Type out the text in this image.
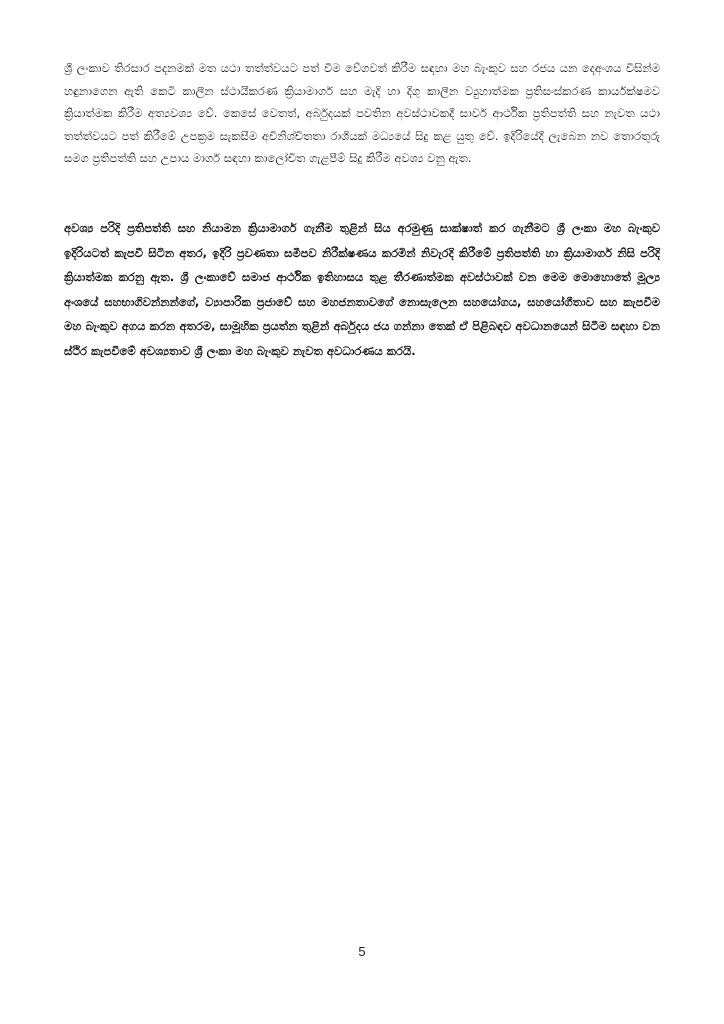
ශ්‍රී ලංකාව තිරසාර පදනමක් මත යථා තත්ත්වයට පත් වීම වේගවත් කිරීම සඳහා මහ බැංකුව සහ රජය යන දෙඅංශය විසින්ම හඳුනාගෙන ඇති කෙටි කාලීන ස්ථායීකරණ ක්‍රියාමාර්ග සහ මැදි හා දිගු කාලීන ව්‍යුහාත්මක ප්‍රතිසංස්කරණ කාර්යක්ෂමව ක්‍රියාත්මක කිරීම අත්‍යවශ්‍ය වේ. කෙසේ වෙතත්, අර්බුදයක් පවතින අවස්ථාවකදී සාර්ව ආර්ථික ප්‍රතිපත්ති සහ නැවත යථා තත්ත්වයට පත් කිරීමේ උපක්‍රම සැකසීම අවිනිශ්චිතතා රාශියක් මධ්‍යයේ සිදු කළ යුතු වේ. ඉදිරියේදී ලැබෙන නව තොරතුරු සමග ප්‍රතිපත්ති සහ උපාය මාර්ග සඳහා කාලෝචිත ගැළපීම් සිදු කිරීම අවශ්‍ය වනු ඇත.

අවශ්‍ය පරිදි ප්‍රතිපත්ති සහ නියාමන ක්‍රියාමාර්ග ගැනීම තුළින් සිය අරමුණු සාක්ෂාත් කර ගැනීමට ශ්‍රී ලංකා මහ බැංකුව ඉදිරියටත් කැපවී සිටින අතර, ඉදිරි ප්‍රවණතා සමීපව නිරීක්ෂණය කරමින් නිවැරදි කිරීමේ ප්‍රතිපත්ති හා ක්‍රියාමාර්ග නිසි පරිදි ක්‍රියාත්මක කරනු ඇත. ශ්‍රී ලංකාවේ සමාජ ආර්ථික ඉතිහාසය තුළ තීරණාත්මක අවස්ථාවක් වන මෙම මොහොතේ මූල්‍ය අංශයේ සහභාගිවන්නන්ගේ, ව්‍යාපාරික ප්‍රජාවේ සහ මහජනතාවගේ නොසැලෙන සහයෝගය, සහයෝගීතාව සහ කැපවීම මහ බැංකුව අගය කරන අතරම, සාමූහික ප්‍රයත්න තුළින් අර්බුදය ජය ගන්නා තෙක් ඒ පිළිබඳව අවධානයෙන් සිටීම සඳහා වන ස්ථිර කැපවීමේ අවශ්‍යතාව ශ්‍රී ලංකා මහ බැංකුව නැවත අවධාරණය කරයි.

5
